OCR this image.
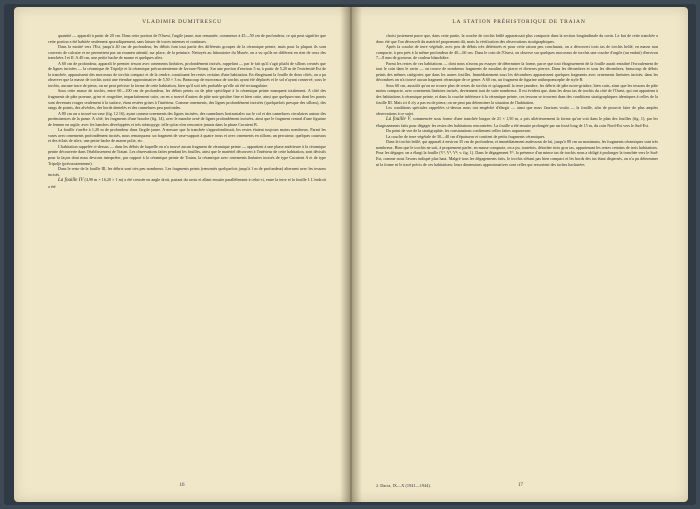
VLADIMIR DUMITRESCU

quantité — apparaît à partir de 20 cm. Dans cette portion de l'Ouest, l'argile jaune, non remaniée, commence à 45—50 cm de profondeur, ce qui peut signifier que cette portion a été habitée seulement sporadiquement, sans laisser de traces intenses et continues.

Dans la moitié vers l'Est, jusqu'à 40 cm de profondeur, les débris font tout partie des différents groupes de la céramique peinte, mais pour la plupart ils sont couverts de calcaire et ne permettent pas un examen attentif, sur place, de la peinture. Nettoyés au laboratoire du Musée, on a vu qu'ils ne diffèrent en rien de ceux des tranchées I et II. A 40 cm, une petite hache de marne et quelques silex.

A 60 cm de profondeur, apparaît le premier tesson avec ornements linéaires, profondément incisés, rappelant — par le fait qu'il s'agit plutôt de sillons creusés que de lignes incisées — la céramique de Tripolje et la céramique précucutenienne de Izvoare-Neamț. Sur une portion d'environ 5 m, à partir de 5,20 m de l'extrémité Est de la tranchée, apparaissent des morceaux de torchis compact et de la cendre, constituant les restes certains d'une habitation. En élargissant la fouille de deux côtés, on a pu observer que la masse de torchis avait une étendue approximative de 5,50 × 3 m. Beaucoup de morceaux de torchis ayant été déplacés et le sol n'ayant conservé, sous le torchis, aucune trace de pieux, on ne peut préciser la forme de cette habitation, bien qu'il soit très probable qu'elle ait été rectangulaire.

Sous cette masse de torchis, entre 60—100 cm de profondeur, les débris peints ou de pâte spécifique à la céramique peinte manquent totalement. A côté des fragments de pâte poreuse, grise et rougeâtre, imparfaitement cuite, on en a trouvé d'autres de pâte noir-grisâtre fine et bien cuite, ainsi que quelques-uns dont les parois sont devenues rouges seulement à la surface, étant restées grises à l'intérieur. Comme ornements, des lignes profondément incisées (quelquefois presque des sillons), des rangs de points, des alvéoles, des bords dentelés et des cannelures peu profondes.

A 80 cm on a trouvé un vase (fig. 12 16), ayant comme ornements des lignes incisées, des cannelures horizontales sur le col et des cannelures circulaires autour des proéminences de la panse. A côté, les fragments d'une bouche (fig. 14), avec le manche orné de lignes profondément incisées, ainsi que le fragment central d'une figurine de femme en argile, avec les hanches développées et très stéatopyge, telle qu'on n'en rencontre jamais dans la phase Cucuteni B.

La fouille s'arrête à 1,20 m de profondeur dans l'argile jaune. A mesure que la tranchée s'approfondissait, les restes étaient toujours moins nombreux. Parmi les vases avec ornements profondément incisés, nous remarquons: un fragment de vase-support à quatre trous et avec ornements en sillons; un percuteur; quelques couteaux et des éclats de silex; une petite hache de marne polie, etc.

L'habitation rappelée ci-dessus — dans les débris de laquelle on n'a trouvé aucun fragment de céramique peinte — appartient à une phase antérieure à la céramique peinte découverte dans l'établissement de Traian. Les observations faites pendant les fouilles, ainsi que le matériel découvert à l'intérieur de cette habitation, sont décisifs pour la façon dont nous devrons interpréter, par rapport à la céramique peinte de Traian, la céramique avec ornements linéaires incisés de type Cucuteni A et de type Tripolje (précucutenienne).

Dans le reste de la fouille III, les débris sont très peu nombreux. Les fragments peints (remontés quelquefois jusqu'à 1 m de profondeur) alternent avec les tessons incisés.

La fouille IV (4,90 m × 16,20 × 1 m) a été creusée en angle droit, partant du ravin et allant ensuite parallèlement à celui-ci, entre la terre et la fouille I. L'endroit a été

16
LA STATION PRÉHISTORIQUE DE TRAIAN

choisi justement parce que, dans cette partie, la couche de torchis brûlé apparaissait plus compacte dans la section longitudinale du ravin. Le but de cette tranchée a donc été que l'on découvrît du matériel proprement dit, mais la vérification des observations stratigraphiques.

Après la couche de terre végétale, avec peu de débris très détériorés et pour cette raison peu concluants, on a découvert trois tas de torchis brûlé, en masse non compacte, à peu près à la même profondeur de 40—60 cm. Dans le coin de l'Ouest, on observe sur quelques morceaux de torchis une couche d'argile (un enduit) d'environ 7—8 mm de grosseur, de couleur blanchâtre.

Parmi les restes de ces habitations — dont nous n'avons pu essayer de déterminer la forme, parce que tout élargissement de la fouille aurait entraîné l'écroulement de tout le coin dans le ravin — on trouve de nombreux fragments de moulins de pierre et diverses pierres. Dans les décombres et sous les décombres, beaucoup de débris peints des mêmes catégories que dans les autres fouilles. Immédiatement sous les décombres apparaissent quelques fragments avec ornements linéaires incisés; dans les décombres on n'a trouvé aucun fragment céramique de ce genre. A 60 cm, un fragment de figurine anthropomorphe de style B.

Sous 60 cm, aussitôt qu'on ne trouve plus de restes de torchis et qu'apparaît la terre jaunâtre, les débris de pâte noire-grisâtre, bien cuits, ainsi que les tessons de pâte moins compacte, avec ornements linéaires incisés, deviennent tout de suite nombreux. Il est évident que, dans les deux tas de torchis du côté de l'Ouest, qui ont appartenu à des habitations à céramique peinte, et dans la couche inférieure à la céramique peinte, ces tessons se trouvent dans des conditions stratigraphiques identiques à celles de la fouille III. Mais ici il n'y a pas eu de pieux; on ne peut pas déterminer la situation de l'habitation.

Les conditions spéciales rappelées ci-dessus nous ont empêché d'élargir — ainsi que nous l'aurions voulu — la fouille, afin de pouvoir faire de plus amples observations à ce sujet.

La fouille V, commencée sous forme d'une tranchée longue de 21 × 1,50 m, a pris ultérieurement la forme qu'on voit dans le plan des fouilles (fig. 1), par les élargissements faits pour dégager les restes des habitations rencontrées. La fouille a été ensuite prolongée par un fossé long de 15 m, du coin Nord-Est vers le Sud-Est.

Du point de vue de la stratigraphie, les constatations confirment celles faites auparavant:

La couche de terre végétale de 30—40 cm d'épaisseur et contient de petits fragments céramiques.

Dans le torchis brûlé, qui apparaît à environ 35 cm de profondeur, et immédiatement audessous de lui, jusqu'à 80 cm au maximum, les fragments céramiques sont très nombreux. Bien que le torchis ne soit, à proprement parler, en masse compacte, on a pu, toutefois, détacher trois gros tas, appartenant les restes certains de trois habitations. Pour les dégager, on a élargi la fouille (V¹, V², V³; v. fig. 1). Dans le dégagement V¹, la présence d'un mince tas de torchis nous a obligé à prolonger la tranchée vers le Sud-Est, comme nous l'avons indiqué plus haut. Malgré tous les dégagements faits, le torchis n'étant pas bien compact et les bords des tas étant dispersés, on n'a pu déterminer ni la forme ni le tracé précis de ces habitations; leurs dimensions approximatives sont celles qui ressortent des taches hachurées

2. Dacia, IX—X (1941—1944).	17
